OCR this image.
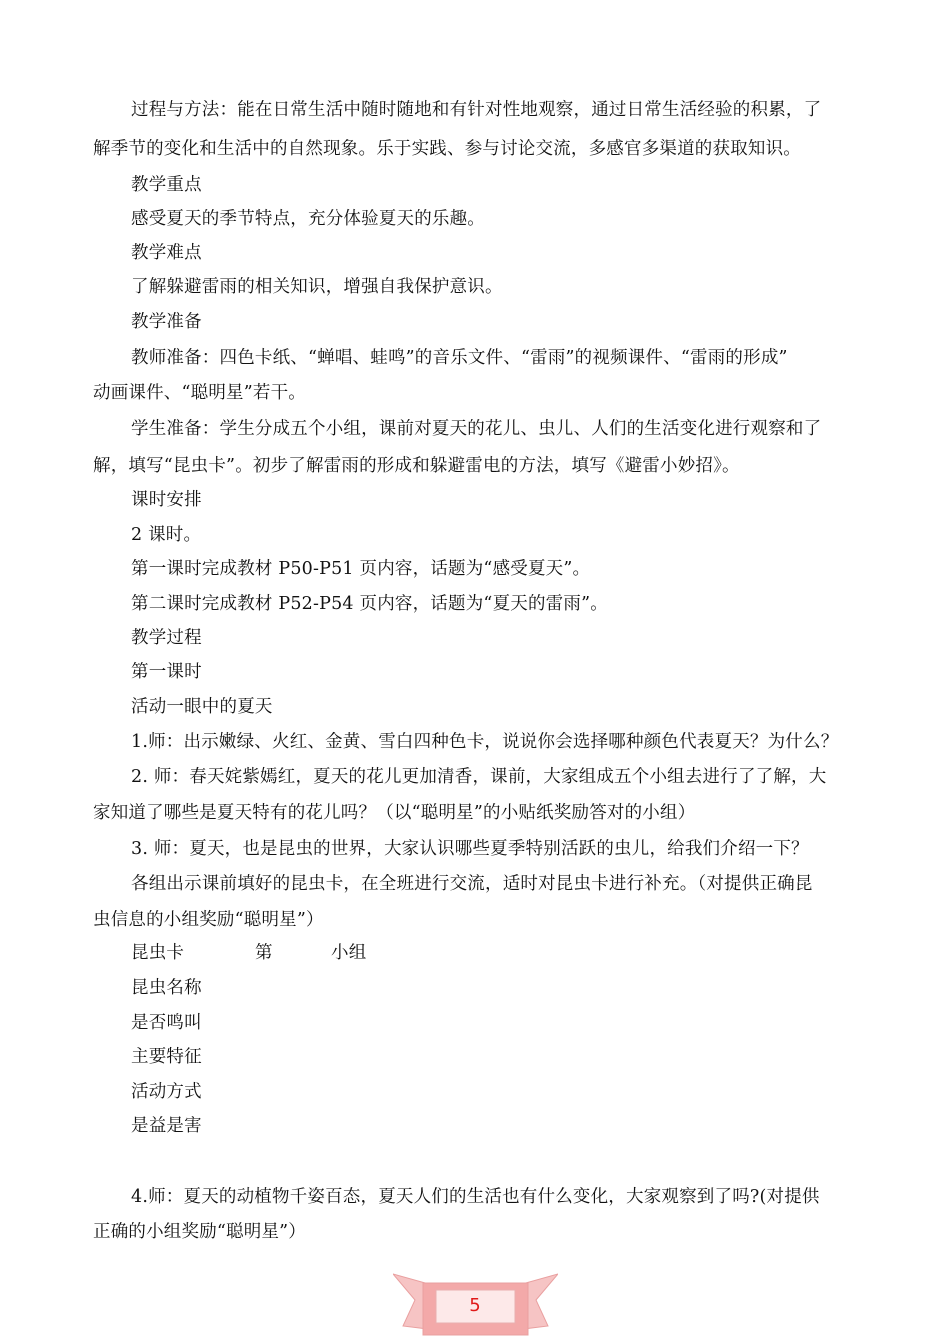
过程与方法：能在日常生活中随时随地和有针对性地观察，通过日常生活经验的积累，了
解季节的变化和生活中的自然现象。乐于实践、参与讨论交流，多感官多渠道的获取知识。
教学重点
感受夏天的季节特点，充分体验夏天的乐趣。
教学难点
了解躲避雷雨的相关知识，增强自我保护意识。
教学准备
教师准备：四色卡纸、“蝉唱、蛙鸣”的音乐文件、“雷雨”的视频课件、“雷雨的形成”
动画课件、“聪明星”若干。
学生准备：学生分成五个小组，课前对夏天的花儿、虫儿、人们的生活变化进行观察和了
解，填写“昆虫卡”。初步了解雷雨的形成和躲避雷电的方法，填写《避雷小妙招》。
课时安排
2 课时。
第一课时完成教材 P50-P51 页内容，话题为“感受夏天”。
第二课时完成教材 P52-P54 页内容，话题为“夏天的雷雨”。
教学过程
第一课时
活动一眼中的夏天
1.师：出示嫩绿、火红、金黄、雪白四种色卡，说说你会选择哪种颜色代表夏天？为什么？
2. 师：春天姹紫嫣红，夏天的花儿更加清香，课前，大家组成五个小组去进行了了解，大
家知道了哪些是夏天特有的花儿吗？（以“聪明星”的小贴纸奖励答对的小组）
3. 师：夏天，也是昆虫的世界，大家认识哪些夏季特别活跃的虫儿，给我们介绍一下？
各组出示课前填好的昆虫卡，在全班进行交流，适时对昆虫卡进行补充。（对提供正确昆
虫信息的小组奖励“聪明星”）
昆虫卡	第	小组
昆虫名称
是否鸣叫
主要特征
活动方式
是益是害
4.师：夏天的动植物千姿百态，夏天人们的生活也有什么变化，大家观察到了吗?(对提供
正确的小组奖励“聪明星”）
5
